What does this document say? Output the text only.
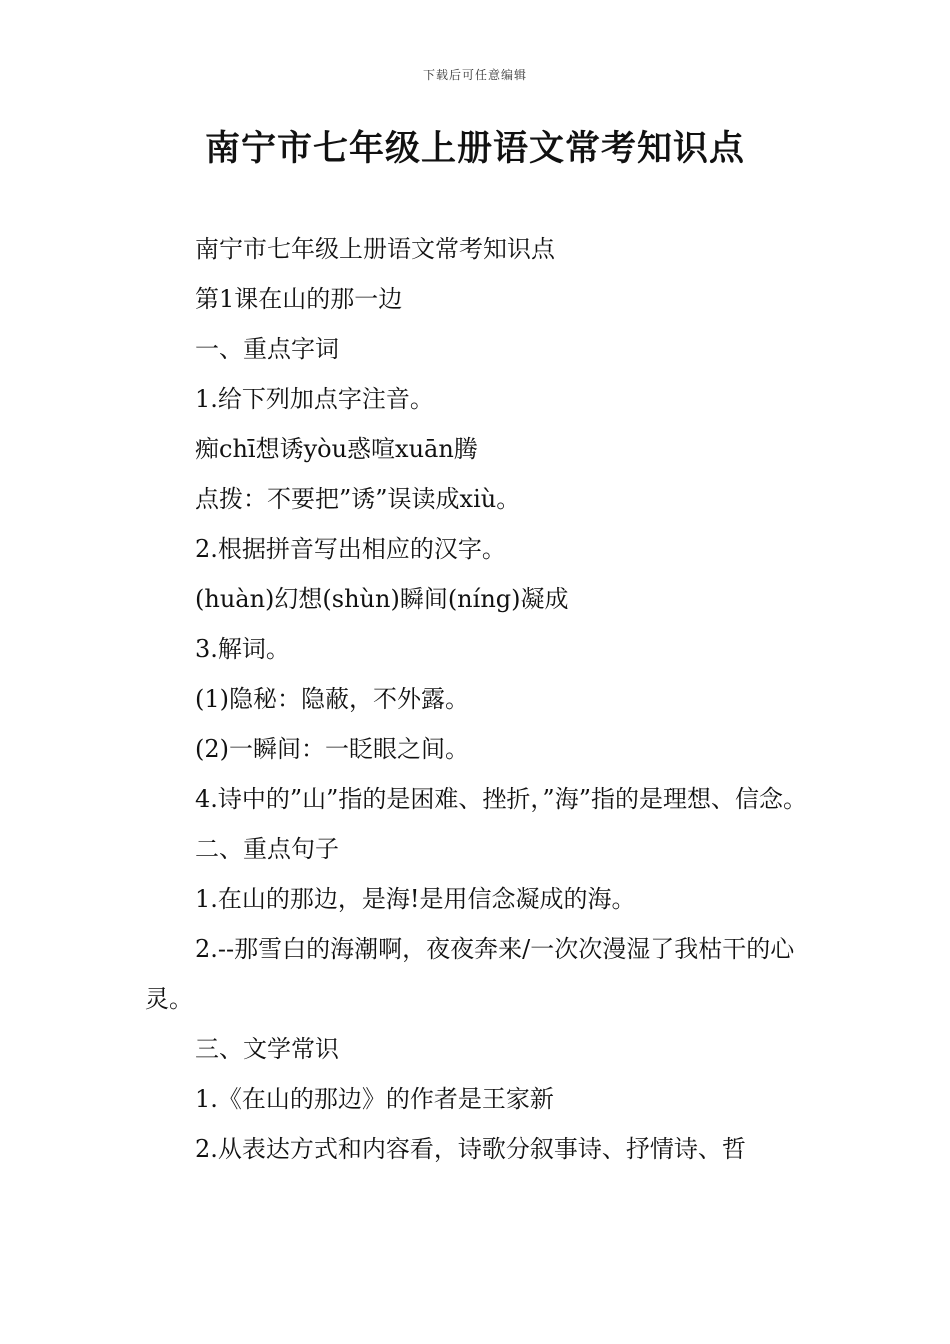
下载后可任意编辑
南宁市七年级上册语文常考知识点

南宁市七年级上册语文常考知识点

第1课在山的那一边

一、重点字词

1.给下列加点字注音。

痴chī想诱yòu惑喧xuān腾

点拨：不要把”诱”误读成xiù。

2.根据拼音写出相应的汉字。

(huàn)幻想(shùn)瞬间(níng)凝成

3.解词。

(1)隐秘：隐蔽，不外露。

(2)一瞬间：一眨眼之间。

4.诗中的”山”指的是困难、挫折，”海”指的是理想、信念。

二、重点句子

1.在山的那边，是海!是用信念凝成的海。

2.--那雪白的海潮啊，夜夜奔来/一次次漫湿了我枯干的心灵。

三、文学常识

1.《在山的那边》的作者是王家新

2.从表达方式和内容看，诗歌分叙事诗、抒情诗、哲
